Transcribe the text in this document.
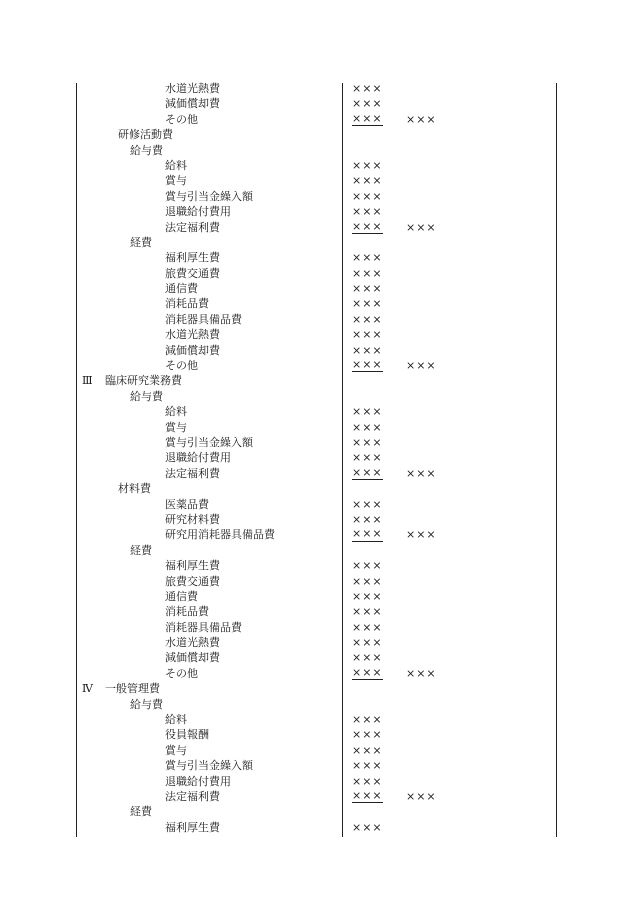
水道光熱費	×××
減価償却費	×××
その他	××× ×××
研修活動費
給与費
給料	×××
賞与	×××
賞与引当金繰入額	×××
退職給付費用	×××
法定福利費	××× ×××
経費
福利厚生費	×××
旅費交通費	×××
通信費	×××
消耗品費	×××
消耗器具備品費	×××
水道光熱費	×××
減価償却費	×××
その他	××× ×××
Ⅲ 臨床研究業務費
給与費
給料	×××
賞与	×××
賞与引当金繰入額	×××
退職給付費用	×××
法定福利費	××× ×××
材料費
医薬品費	×××
研究材料費	×××
研究用消耗器具備品費	××× ×××
経費
福利厚生費	×××
旅費交通費	×××
通信費	×××
消耗品費	×××
消耗器具備品費	×××
水道光熱費	×××
減価償却費	×××
その他	××× ×××
Ⅳ 一般管理費
給与費
給料	×××
役員報酬	×××
賞与	×××
賞与引当金繰入額	×××
退職給付費用	×××
法定福利費	××× ×××
経費
福利厚生費	×××
